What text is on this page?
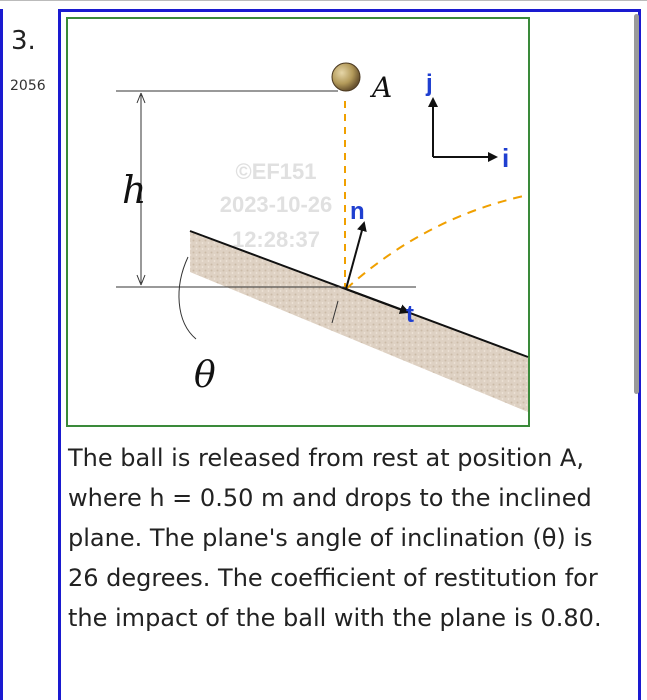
3.
2056
©EF151
2023-10-26
12:28:37
h
θ
A j
i
n
t
The ball is released from rest at position A, where h = 0.50 m and drops to the inclined plane. The plane's angle of inclination (θ) is 26 degrees. The coefficient of restitution for the impact of the ball with the plane is 0.80.
